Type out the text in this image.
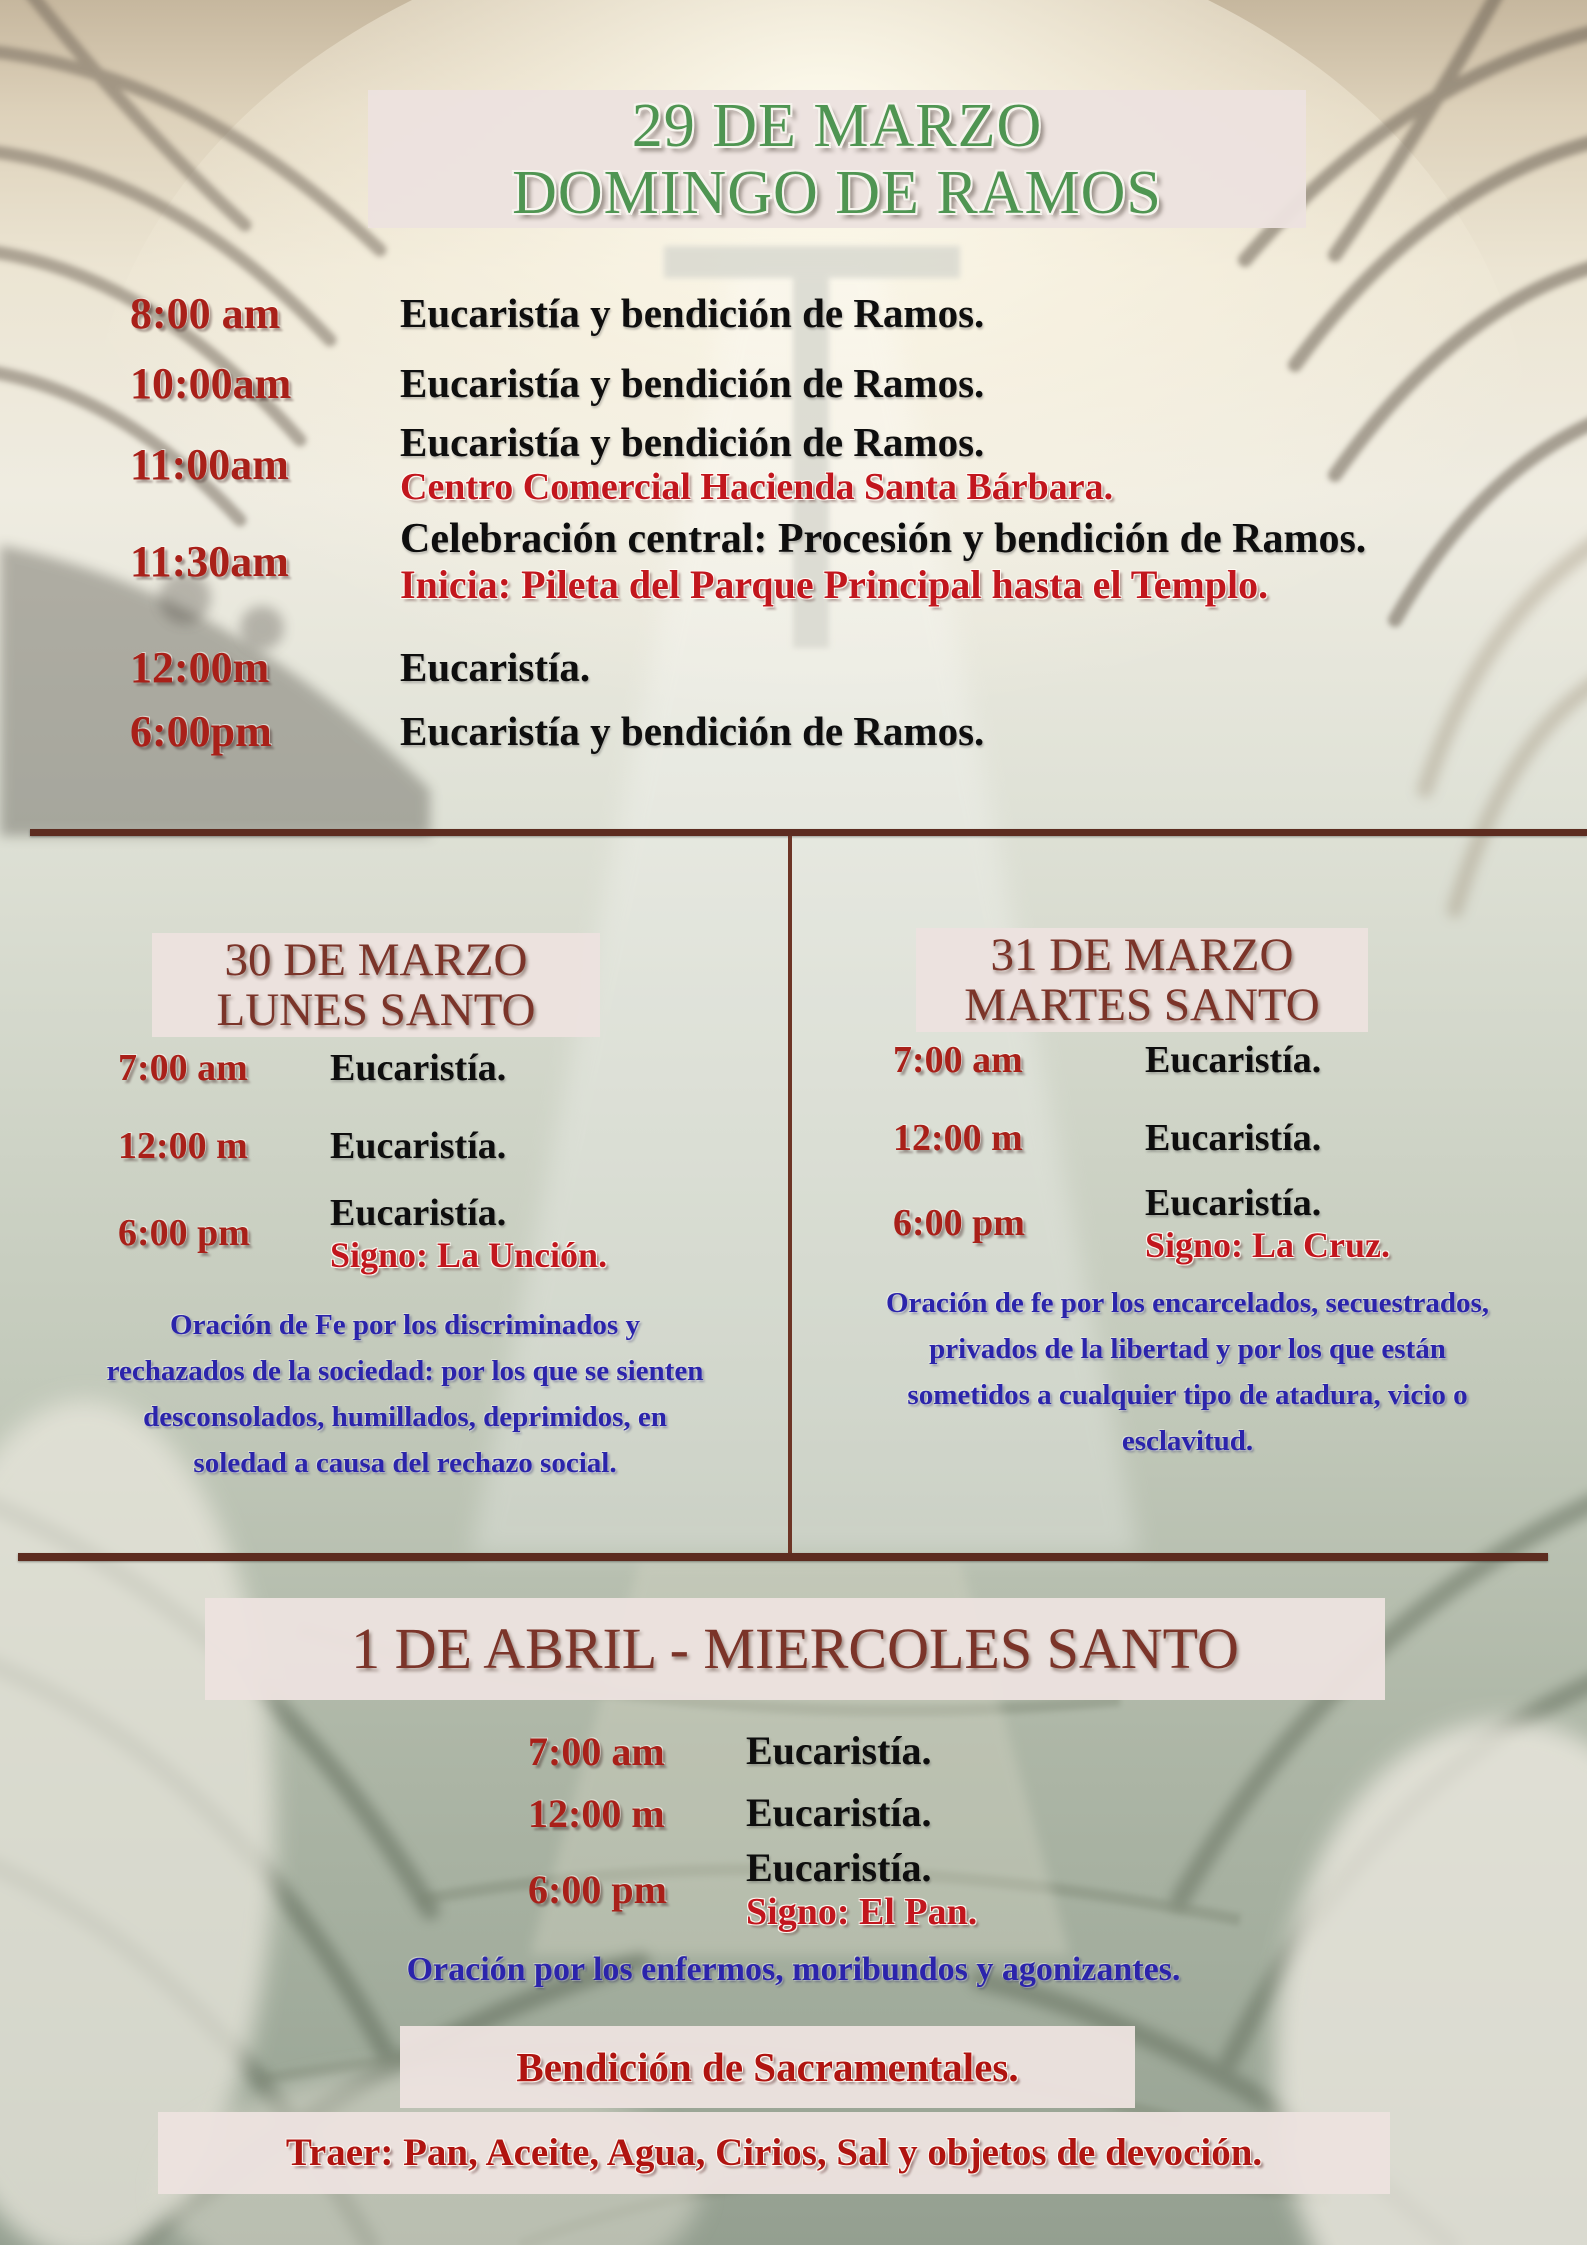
29 DE MARZO
DOMINGO DE RAMOS
8:00 am	Eucaristía y bendición de Ramos.
10:00am	Eucaristía y bendición de Ramos.
11:00am	Eucaristía y bendición de Ramos.
Centro Comercial Hacienda Santa Bárbara.
11:30am	Celebración central: Procesión y bendición de Ramos.
Inicia: Pileta del Parque Principal hasta el Templo.
12:00m	Eucaristía.
6:00pm	Eucaristía y bendición de Ramos.
30 DE MARZO
LUNES SANTO
7:00 am	Eucaristía.
12:00 m	Eucaristía.
6:00 pm	Eucaristía.
Signo: La Unción.
Oración de Fe por los discriminados y
rechazados de la sociedad: por los que se sienten
desconsolados, humillados, deprimidos, en
soledad a causa del rechazo social.
31 DE MARZO
MARTES SANTO
7:00 am	Eucaristía.
12:00 m	Eucaristía.
6:00 pm	Eucaristía.
Signo: La Cruz.
Oración de fe por los encarcelados, secuestrados,
privados de la libertad y por los que están
sometidos a cualquier tipo de atadura, vicio o
esclavitud.
1 DE ABRIL - MIERCOLES SANTO
7:00 am	Eucaristía.
12:00 m	Eucaristía.
6:00 pm	Eucaristía.
Signo: El Pan.
Oración por los enfermos, moribundos y agonizantes.
Bendición de Sacramentales.
Traer: Pan, Aceite, Agua, Cirios, Sal y objetos de devoción.
